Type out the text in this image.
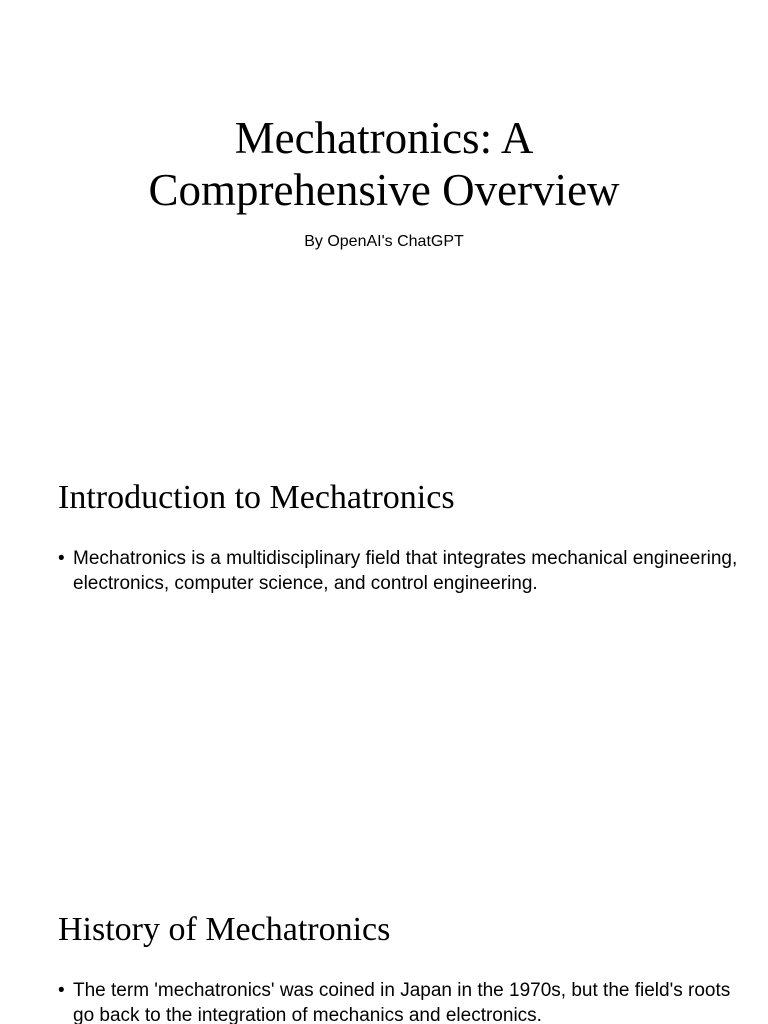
Mechatronics: A
Comprehensive Overview
By OpenAI's ChatGPT
Introduction to Mechatronics
• Mechatronics is a multidisciplinary field that integrates mechanical engineering, electronics, computer science, and control engineering.
History of Mechatronics
• The term 'mechatronics' was coined in Japan in the 1970s, but the field's roots go back to the integration of mechanics and electronics.
